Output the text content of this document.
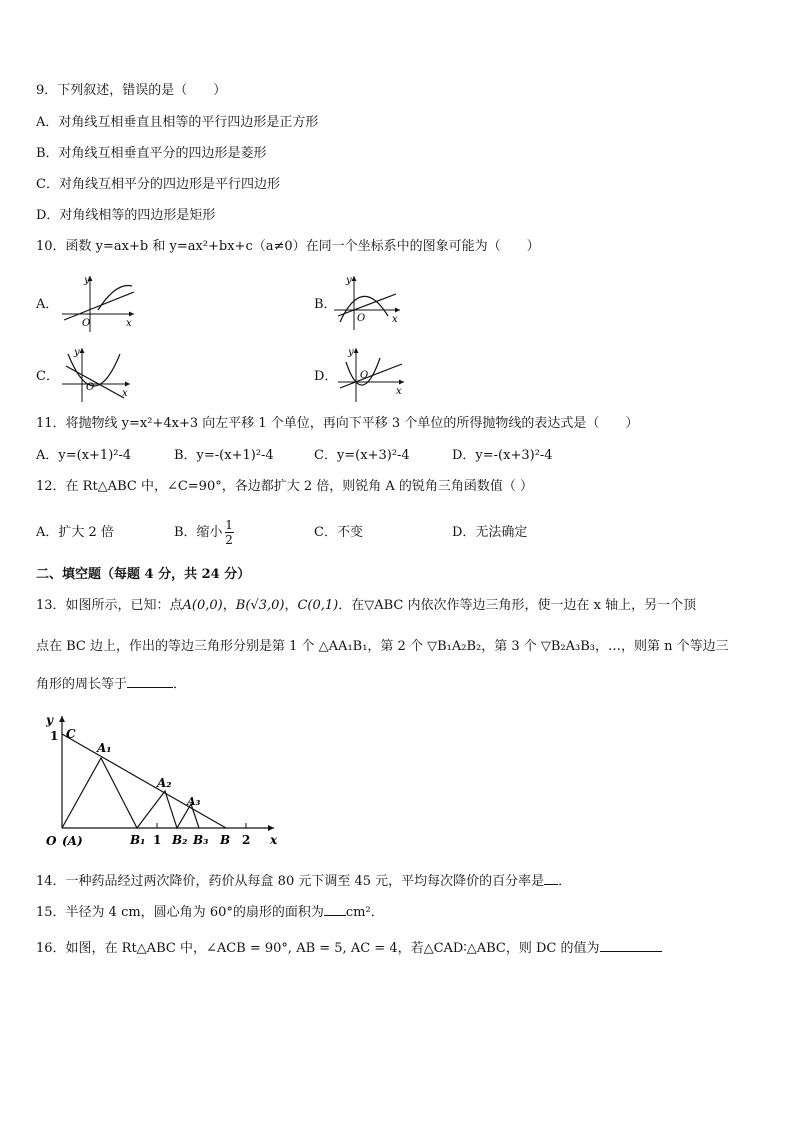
9．下列叙述，错误的是（　　）
A．对角线互相垂直且相等的平行四边形是正方形
B．对角线互相垂直平分的四边形是菱形
C．对角线互相平分的四边形是平行四边形
D．对角线相等的四边形是矩形
10．函数 y=ax+b 和 y=ax²+bx+c（a≠0）在同一个坐标系中的图象可能为（　　）
A．
y
x
O
B．
y
x
O
C．
y
x
O
D．
y
x
O
11．将抛物线 y=x²+4x+3 向左平移 1 个单位，再向下平移 3 个单位的所得抛物线的表达式是（　　）
A．y=(x+1)²-4	B．y=-(x+1)²-4	C．y=(x+3)²-4	D．y=-(x+3)²-4
12．在 Rt△ABC 中，∠C=90°，各边都扩大 2 倍，则锐角 A 的锐角三角函数值（ ）
A．扩大 2 倍	B．缩小 $\frac{1}{2}$	C．不变	D．无法确定
二、填空题（每题 4 分，共 24 分）
13．如图所示，已知：点A(0,0)，B(√3,0)，C(0,1)．在▽ABC 内依次作等边三角形，使一边在 x 轴上，另一个顶
点在 BC 边上，作出的等边三角形分别是第 1 个 △AA₁B₁，第 2 个 ▽B₁A₂B₂，第 3 个 ▽B₂A₃B₃，…，则第 n 个等边三
角形的周长等于	．
y
1 C
A₁
A₂
A₃
O (A)	B₁ 1 B₂ B₃ B 2 x
14．一种药品经过两次降价，药价从每盒 80 元下调至 45 元，平均每次降价的百分率是 ．
15．半径为 4 cm，圆心角为 60°的扇形的面积为 cm²．
16．如图，在 Rt△ABC 中，∠ACB = 90°, AB = 5, AC = 4，若△CAD∶△ABC，则 DC 的值为
